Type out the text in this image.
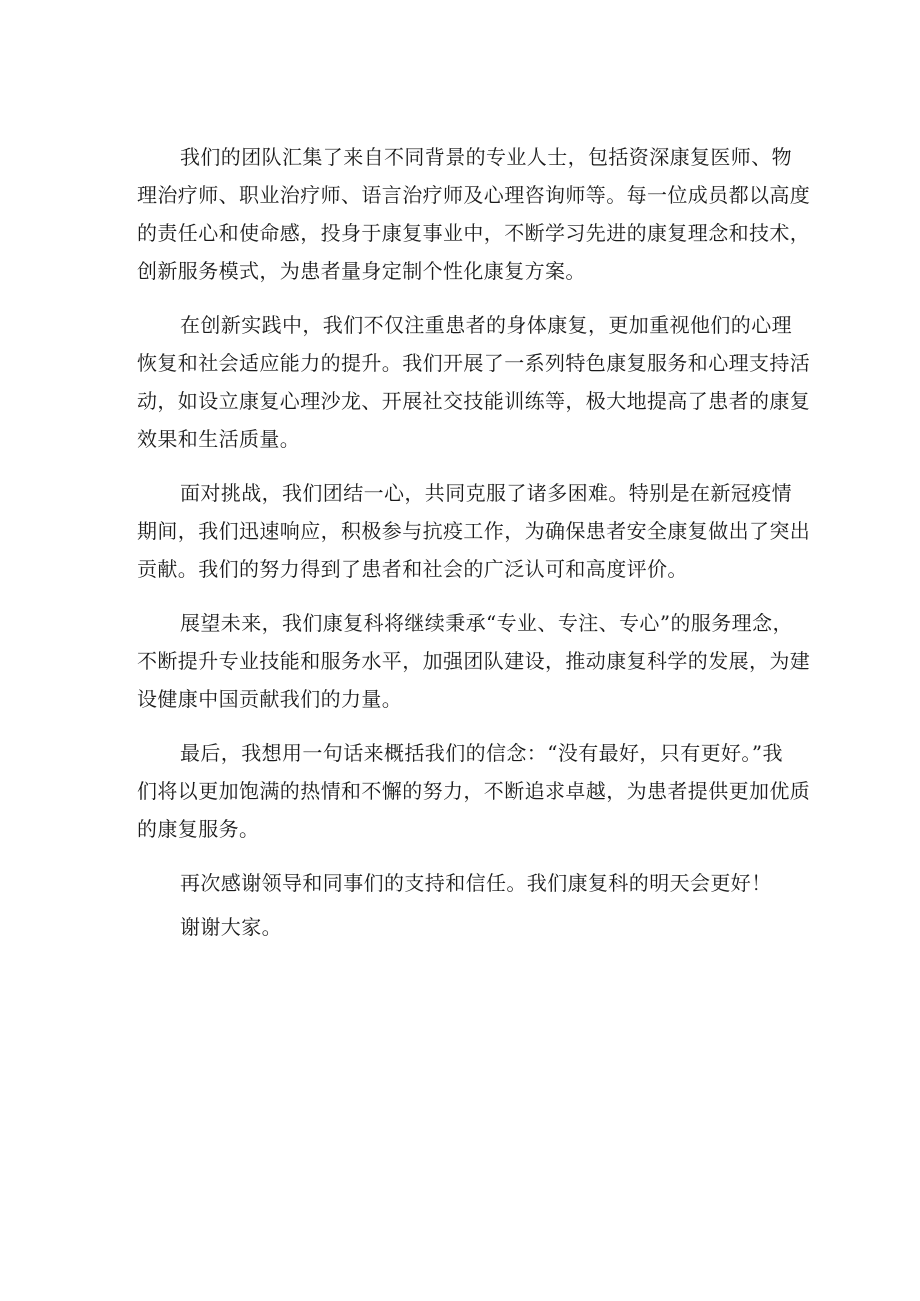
我们的团队汇集了来自不同背景的专业人士，包括资深康复医师、物
理治疗师、职业治疗师、语言治疗师及心理咨询师等。每一位成员都以高度
的责任心和使命感，投身于康复事业中，不断学习先进的康复理念和技术，
创新服务模式，为患者量身定制个性化康复方案。

在创新实践中，我们不仅注重患者的身体康复，更加重视他们的心理
恢复和社会适应能力的提升。我们开展了一系列特色康复服务和心理支持活
动，如设立康复心理沙龙、开展社交技能训练等，极大地提高了患者的康复
效果和生活质量。

面对挑战，我们团结一心，共同克服了诸多困难。特别是在新冠疫情
期间，我们迅速响应，积极参与抗疫工作，为确保患者安全康复做出了突出
贡献。我们的努力得到了患者和社会的广泛认可和高度评价。

展望未来，我们康复科将继续秉承“专业、专注、专心”的服务理念，
不断提升专业技能和服务水平，加强团队建设，推动康复科学的发展，为建
设健康中国贡献我们的力量。

最后，我想用一句话来概括我们的信念：“没有最好，只有更好。”我
们将以更加饱满的热情和不懈的努力，不断追求卓越，为患者提供更加优质
的康复服务。

再次感谢领导和同事们的支持和信任。我们康复科的明天会更好！

谢谢大家。
